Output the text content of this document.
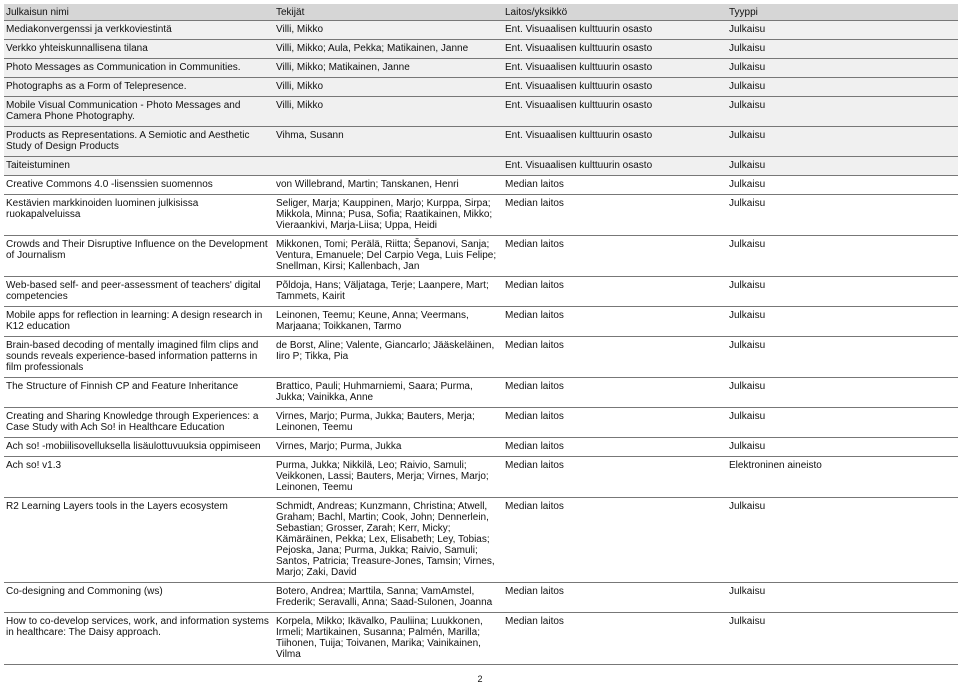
Julkaisun nimi	Tekijät	Laitos/yksikkö	Tyyppi
Mediakonvergenssi ja verkkoviestintä	Villi, Mikko	Ent. Visuaalisen kulttuurin osasto	Julkaisu
Verkko yhteiskunnallisena tilana	Villi, Mikko; Aula, Pekka; Matikainen, Janne	Ent. Visuaalisen kulttuurin osasto	Julkaisu
Photo Messages as Communication in Communities.	Villi, Mikko; Matikainen, Janne	Ent. Visuaalisen kulttuurin osasto	Julkaisu
Photographs as a Form of Telepresence.	Villi, Mikko	Ent. Visuaalisen kulttuurin osasto	Julkaisu
Mobile Visual Communication - Photo Messages and Camera Phone Photography.	Villi, Mikko	Ent. Visuaalisen kulttuurin osasto	Julkaisu
Products as Representations. A Semiotic and Aesthetic Study of Design Products	Vihma, Susann	Ent. Visuaalisen kulttuurin osasto	Julkaisu
Taiteistuminen		Ent. Visuaalisen kulttuurin osasto	Julkaisu
Creative Commons 4.0 -lisenssien suomennos	von Willebrand, Martin; Tanskanen, Henri	Median laitos	Julkaisu
Kestävien markkinoiden luominen julkisissa ruokapalveluissa	Seliger, Marja; Kauppinen, Marjo; Kurppa, Sirpa; Mikkola, Minna; Pusa, Sofia; Raatikainen, Mikko; Vieraankivi, Marja-Liisa; Uppa, Heidi	Median laitos	Julkaisu
Crowds and Their Disruptive Influence on the Development of Journalism	Mikkonen, Tomi; Perälä, Riitta; Šepanovi, Sanja; Ventura, Emanuele; Del Carpio Vega, Luis Felipe; Snellman, Kirsi; Kallenbach, Jan	Median laitos	Julkaisu
Web-based self- and peer-assessment of teachers' digital competencies	Põldoja, Hans; Väljataga, Terje; Laanpere, Mart; Tammets, Kairit	Median laitos	Julkaisu
Mobile apps for reflection in learning: A design research in K12 education	Leinonen, Teemu; Keune, Anna; Veermans, Marjaana; Toikkanen, Tarmo	Median laitos	Julkaisu
Brain-based decoding of mentally imagined film clips and sounds reveals experience-based information patterns in film professionals	de Borst, Aline; Valente, Giancarlo; Jääskeläinen, Iiro P; Tikka, Pia	Median laitos	Julkaisu
The Structure of Finnish CP and Feature Inheritance	Brattico, Pauli; Huhmarniemi, Saara; Purma, Jukka; Vainikka, Anne	Median laitos	Julkaisu
Creating and Sharing Knowledge through Experiences: a Case Study with Ach So! in Healthcare Education	Virnes, Marjo; Purma, Jukka; Bauters, Merja; Leinonen, Teemu	Median laitos	Julkaisu
Ach so! -mobiilisovelluksella lisäulottuvuuksia oppimiseen	Virnes, Marjo; Purma, Jukka	Median laitos	Julkaisu
Ach so! v1.3	Purma, Jukka; Nikkilä, Leo; Raivio, Samuli; Veikkonen, Lassi; Bauters, Merja; Virnes, Marjo; Leinonen, Teemu	Median laitos	Elektroninen aineisto
R2 Learning Layers tools in the Layers ecosystem	Schmidt, Andreas; Kunzmann, Christina; Atwell, Graham; Bachl, Martin; Cook, John; Dennerlein, Sebastian; Grosser, Zarah; Kerr, Micky; Kämäräinen, Pekka; Lex, Elisabeth; Ley, Tobias; Pejoska, Jana; Purma, Jukka; Raivio, Samuli; Santos, Patricia; Treasure-Jones, Tamsin; Virnes, Marjo; Zaki, David	Median laitos	Julkaisu
Co-designing and Commoning (ws)	Botero, Andrea; Marttila, Sanna; VamAmstel, Frederik; Seravalli, Anna; Saad-Sulonen, Joanna	Median laitos	Julkaisu
How to co-develop services, work, and information systems in healthcare: The Daisy approach.	Korpela, Mikko; Ikävalko, Pauliina; Luukkonen, Irmeli; Martikainen, Susanna; Palmén, Marilla; Tiihonen, Tuija; Toivanen, Marika; Vainikainen, Vilma	Median laitos	Julkaisu
2
